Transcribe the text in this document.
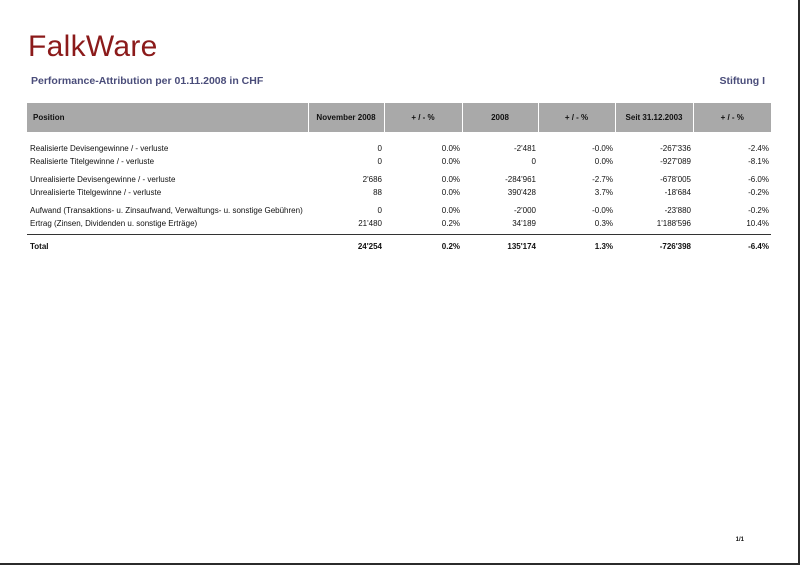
FalkWare
Performance-Attribution per 01.11.2008 in CHF	Stiftung I
Position	November 2008	+ / - %	2008	+ / - %	Seit 31.12.2003	+ / - %

Realisierte Devisengewinne / - verluste	0	0.0%	-2'481	-0.0%	-267'336	-2.4%
Realisierte Titelgewinne / - verluste	0	0.0%	0	0.0%	-927'089	-8.1%

Unrealisierte Devisengewinne / - verluste	2'686	0.0%	-284'961	-2.7%	-678'005	-6.0%
Unrealisierte Titelgewinne / - verluste	88	0.0%	390'428	3.7%	-18'684	-0.2%

Aufwand (Transaktions- u. Zinsaufwand, Verwaltungs- u. sonstige Gebühren)	0	0.0%	-2'000	-0.0%	-23'880	-0.2%
Ertrag (Zinsen, Dividenden u. sonstige Erträge)	21'480	0.2%	34'189	0.3%	1'188'596	10.4%

Total	24'254	0.2%	135'174	1.3%	-726'398	-6.4%
1/1
